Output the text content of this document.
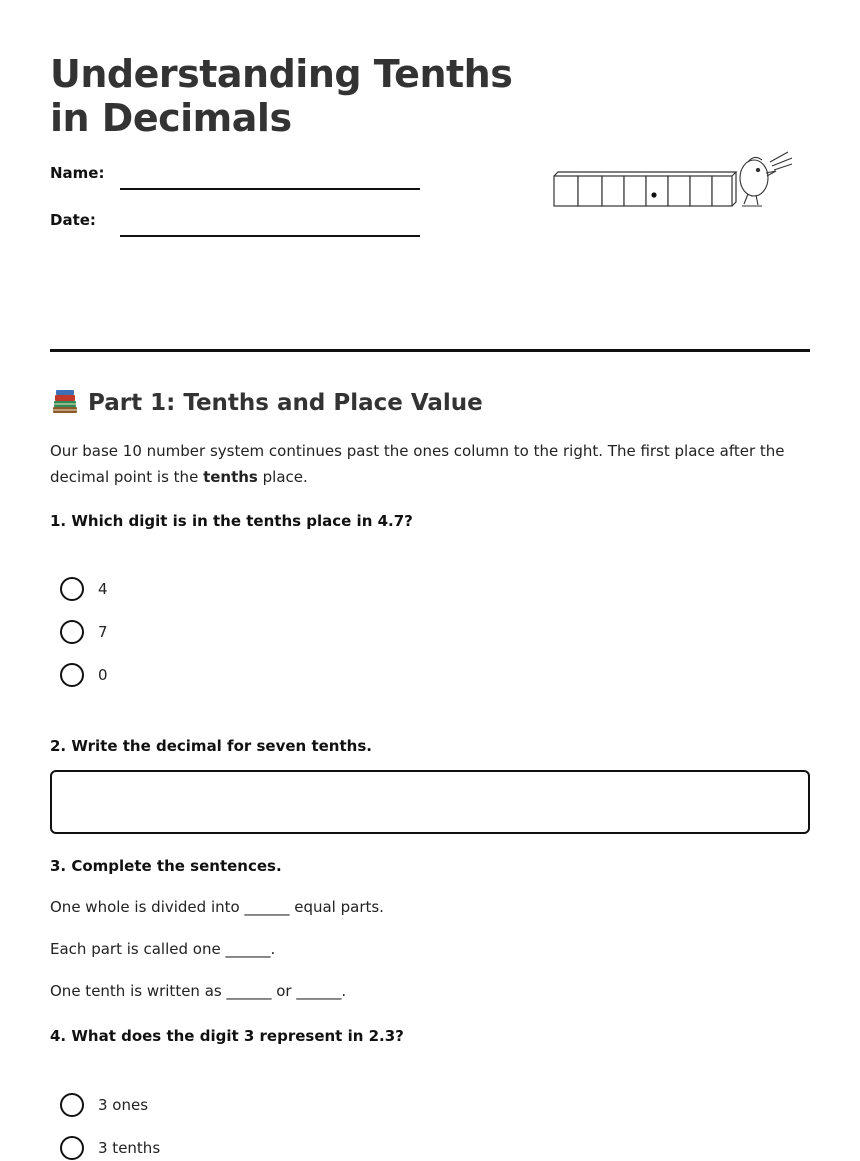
Understanding Tenths
in Decimals
Name:
Date:
Part 1: Tenths and Place Value

Our base 10 number system continues past the ones column to the right. The first place after the decimal point is the tenths place.

1. Which digit is in the tenths place in 4.7?

4
7
0

2. Write the decimal for seven tenths.

3. Complete the sentences.

One whole is divided into ______ equal parts.

Each part is called one ______.

One tenth is written as ______ or ______.

4. What does the digit 3 represent in 2.3?

3 ones
3 tenths
